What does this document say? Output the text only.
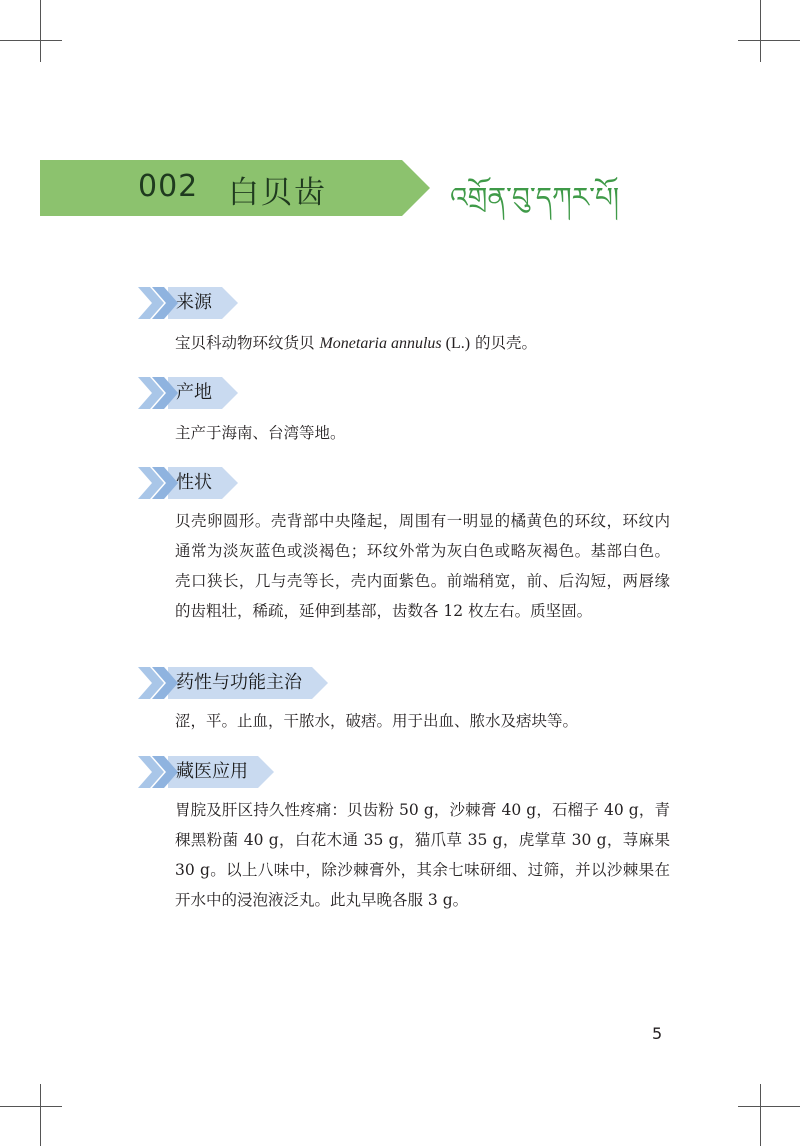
002 白贝齿	འགྲོན་བུ་དཀར་པོ།
来源
宝贝科动物环纹货贝 Monetaria annulus (L.) 的贝壳。
产地
主产于海南、台湾等地。
性状
贝壳卵圆形。壳背部中央隆起，周围有一明显的橘黄色的环纹，环纹内通常为淡灰蓝色或淡褐色；环纹外常为灰白色或略灰褐色。基部白色。壳口狭长，几与壳等长，壳内面紫色。前端稍宽，前、后沟短，两唇缘的齿粗壮，稀疏，延伸到基部，齿数各 12 枚左右。质坚固。
药性与功能主治
涩，平。止血，干脓水，破痞。用于出血、脓水及痞块等。
藏医应用
胃脘及肝区持久性疼痛：贝齿粉 50 g，沙棘膏 40 g，石榴子 40 g，青稞黑粉菌 40 g，白花木通 35 g，猫爪草 35 g，虎掌草 30 g，荨麻果 30 g。以上八味中，除沙棘膏外，其余七味研细、过筛，并以沙棘果在开水中的浸泡液泛丸。此丸早晚各服 3 g。
5
